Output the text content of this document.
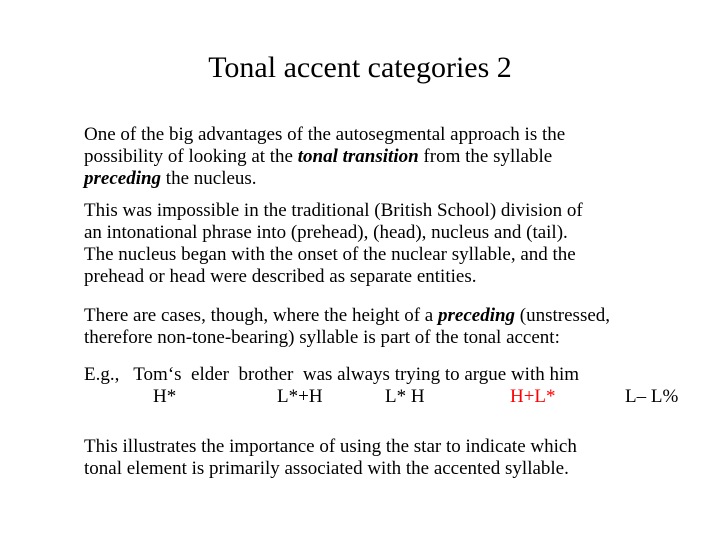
Tonal accent categories 2
One of the big advantages of the autosegmental approach is the
possibility of looking at the tonal transition from the syllable
preceding the nucleus.
This was impossible in the traditional (British School) division of
an intonational phrase into (prehead), (head), nucleus and (tail).
The nucleus began with the onset of the nuclear syllable, and the
prehead or head were described as separate entities.
There are cases, though, where the height of a preceding (unstressed,
therefore non-tone-bearing) syllable is part of the tonal accent:
E.g.,   Tom‘s  elder  brother  was always trying to argue with him
H*	L*+H	L* H	H+L*	L– L%
This illustrates the importance of using the star to indicate which
tonal element is primarily associated with the accented syllable.
